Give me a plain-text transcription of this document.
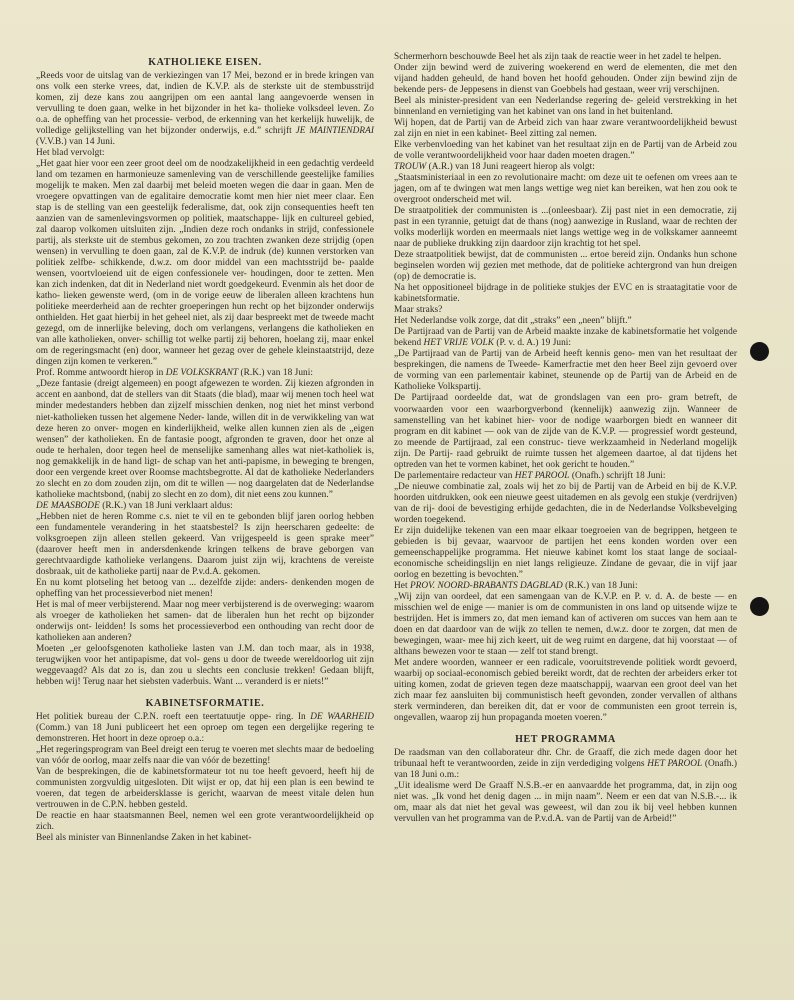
KATHOLIEKE EISEN.

„Reeds voor de uitslag van de verkiezingen van 17 Mei, bezond er in brede kringen van ons volk een sterke vrees, dat, indien de K.V.P. als de sterkste uit de stembusstrijd komen, zij deze kans zou aangrijpen om een aantal lang aangevoerde wensen in vervulling te doen gaan, welke in het bijzonder in het ka- tholieke volksdeel leven. Zo o.a. de opheffing van het processie- verbod, de erkenning van het kerkelijk huwelijk, de volledige gelijkstelling van het bijzonder onderwijs, e.d.” schrijft JE MAINTIENDRAI (V.V.B.) van 14 Juni.

Het blad vervolgt:

„Het gaat hier voor een zeer groot deel om de noodzakelijkheid in een gedachtig verdeeld land om tezamen en harmonieuze samenleving van de verschillende geestelijke families mogelijk te maken. Men zal daarbij met beleid moeten wegen die daar in gaan. Men de vroegere opvattingen van de egalitaire democratie komt men hier niet meer claar. Een stap is de stelling van een geestelijk federalisme, dat, ook zijn consequenties heeft ten aanzien van de samenlevingsvormen op politiek, maatschappe- lijk en cultureel gebied, zal daarop volkomen uitsluiten zijn. „Indien deze roch ondanks in strijd, confessionele partij, als sterkste uit de stembus gekomen, zo zou trachten zwanken deze strijdig (open wensen) in vervulling te doen gaan, zal de K.V.P. de indruk (de) kunnen verstorken van politiek zelfbe- schikkende, d.w.z. om door middel van een machtsstrijd be- paalde wensen, voortvloeiend uit de eigen confessionele ver- houdingen, door te zetten. Men kan zich indenken, dat dit in Nederland niet wordt goedgekeurd. Evenmin als het door de katho- lieken gewenste werd, (om in de vorige eeuw de liberalen alleen krachtens hun politieke meerderheid aan de rechter groeperingen hun recht op het bijzonder onderwijs onthielden. Het gaat hierbij in het geheel niet, als zij daar bespreekt met de tweede macht gezegd, om de innerlijke beleving, doch om verlangens, verlangens die katholieken en van alle katholieken, onver- schillig tot welke partij zij behoren, hoelang zij, maar enkel om de regeringsmacht (en) door, wanneer het gezag over de gehele kleinstaatstrijd, deze dingen zijn komen te verkeren.”

Prof. Romme antwoordt hierop in DE VOLKSKRANT (R.K.) van 18 Juni:

„Deze fantasie (dreigt algemeen) en poogt afgewezen te worden. Zij kiezen afgronden in accent en aanbond, dat de stellers van dit Staats (die blad), maar wij menen toch heel wat minder medestanders hebben dan zijzelf misschien denken, nog niet het minst verbond niet-katholieken tussen het algemene Neder- lande, willen dit in de verwikkeling van wat deze heren zo onver- mogen en kinderlijkheid, welke allen kunnen zien als de „eigen wensen” der katholieken. En de fantasie poogt, afgronden te graven, door het onze al oude te herhalen, door tegen heel de menselijke samenhang alles wat niet-katholiek is, nog gemakkelijk in de hand ligt- de schap van het anti-papisme, in beweging te brengen, door een vergende kreet over Roomse machtsbegrotte. Al dat de katholieke Nederlanders zo slecht en zo dom zouden zijn, om dit te willen — nog daargelaten dat de Nederlandse katholieke machtsbond, (nabij zo slecht en zo dom), dit niet eens zou kunnen.”

DE MAASBODE (R.K.) van 18 Juni verklaart aldus:

„Hebben niet de heren Romme c.s. niet te vil en te gebonden blijf jaren oorlog hebben een fundamentele verandering in het staatsbestel? Is zijn heerscharen gedeelte: de volksgroepen zijn alleen stellen gekeerd. Van vrijgespeeld is geen sprake meer” (daarover heeft men in andersdenkende kringen telkens de brave geborgen van gerechtvaardigde katholieke verlangens. Daarom juist zijn wij, krachtens de vereiste dosbraak, uit de katholieke partij naar de P.v.d.A. gekomen.

En nu komt plotseling het betoog van ... dezelfde zijde: anders- denkenden mogen de opheffing van het processieverbod niet menen!

Het is mal of meer verbijsterend. Maar nog meer verbijsterend is de overweging: waarom als vroeger de katholieken het samen- dat de liberalen hun het recht op bijzonder onderwijs ont- leidden! Is soms het processieverbod een onthouding van recht door de katholieken aan anderen?

Moeten „er geloofsgenoten katholieke lasten van J.M. dan toch maar, als in 1938, terugwijken voor het antipapisme, dat vol- gens u door de tweede wereldoorlog uit zijn weggevaagd? Als dat zo is, dan zou u slechts een conclusie trekken! Gedaan blijft, hebben wij! Terug naar het siebsten vaderbuis. Want ... veranderd is er niets!”

KABINETSFORMATIE.

Het politiek bureau der C.P.N. roeft een teertatuutje oppe- ring. In DE WAARHEID (Comm.) van 18 Juni publiceert het een oproep om tegen een dergelijke regering te demonstreren. Het hoort in deze oproep o.a.:

„Het regeringsprogram van Beel dreigt een terug te voeren met slechts maar de bedoeling van vóór de oorlog, maar zelfs naar die van vóór de bezetting!

Van de besprekingen, die de kabinetsformateur tot nu toe heeft gevoerd, heeft hij de communisten zorgvuldig uitgesloten. Dit wijst er op, dat hij een plan is een bewind te voeren, dat tegen de arbeidersklasse is gericht, waarvan de meest vitale delen hun vertrouwen in de C.P.N. hebben gesteld.

De reactie en haar staatsmannen Beel, nemen wel een grote verantwoordelijkheid op zich.

Beel als minister van Binnenlandse Zaken in het kabinet-

Schermerhorn beschouwde Beel het als zijn taak de reactie weer in het zadel te helpen.

Onder zijn bewind werd de zuivering woekerend en werd de elementen, die met den vijand hadden geheuld, de hand boven het hoofd gehouden. Onder zijn bewind zijn de bekende pers- de Jeppesens in dienst van Goebbels had gestaan, weer vrij verschijnen.

Beel als minister-president van een Nederlandse regering de- geleid verstrekking in het binnenland en vernietiging van het kabinet van ons land in het buitenland.

Wij hopen, dat de Partij van de Arbeid zich van haar zware verantwoordelijkheid bewust zal zijn en niet in een kabinet- Beel zitting zal nemen.

Elke verbenvloeding van het kabinet van het resultaat zijn en de Partij van de Arbeid zou de volle verantwoordelijkheid voor haar daden moeten dragen.”

TROUW (A.R.) van 18 Juni reageert hierop als volgt:

„Staatsministeriaal in een zo revolutionaire macht: om deze uit te oefenen om vrees aan te jagen, om af te dwingen wat men langs wettige weg niet kan bereiken, wat hen zou ook te overgroot onderscheid met wil.

De straatpolitiek der communisten is ...(onleesbaar). Zij past niet in een democratie, zij past in een tyrannie, getuigt dat de thans (nog) aanwezige in Rusland, waar de rechten der volks moderlijk worden en meermaals niet langs wettige weg in de volkskamer aanneemt naar de publieke drukking zijn daardoor zijn krachtig tot het spel.

Deze straatpolitiek bewijst, dat de communisten ... ertoe bereid zijn. Ondanks hun schone beginselen worden wij gezien met methode, dat de politieke achtergrond van hun dreigen (op) de democratie is.

Na het oppositioneel bijdrage in de politieke stukjes der EVC en is straatagitatie voor de kabinetsformatie.

Maar straks?

Het Nederlandse volk zorge, dat dit „straks” een „neen” blijft.”

De Partijraad van de Partij van de Arbeid maakte inzake de kabinetsformatie het volgende bekend HET VRIJE VOLK (P. v. d. A.) 19 Juni:

„De Partijraad van de Partij van de Arbeid heeft kennis geno- men van het resultaat der besprekingen, die namens de Tweede- Kamerfractie met den heer Beel zijn gevoerd over de vorming van een parlementair kabinet, steunende op de Partij van de Arbeid en de Katholieke Volkspartij.

De Partijraad oordeelde dat, wat de grondslagen van een pro- gram betreft, de voorwaarden voor een waarborgverbond (kennelijk) aanwezig zijn. Wanneer de samenstelling van het kabinet hier- voor de nodige waarborgen biedt en wanneer dit program en dit kabinet — ook van de zijde van de K.V.P. — progressief wordt gesteund, zo meende de Partijraad, zal een construc- tieve werkzaamheid in Nederland mogelijk zijn. De Partij- raad gebruikt de ruimte tussen het algemeen daartoe, al dat tijdens het optreden van het te vormen kabinet, het ook gericht te houden.”

De parlementaire redacteur van HET PAROOL (Onafh.) schrijft 18 Juni:

„De nieuwe combinatie zal, zoals wij het zo bij de Partij van de Arbeid en bij de K.V.P. hoorden uitdrukken, ook een nieuwe geest uitademen en als gevolg een stukje (verdrijven) van de rij- dooi de bevestiging erhijde gedachten, die in de Nederlandse Volksbevelging worden toegekend.

Er zijn duidelijke tekenen van een maar elkaar toegroeien van de begrippen, hetgeen te gebieden is bij gevaar, waarvoor de partijen het eens konden worden over een gemeenschappelijke programma. Het nieuwe kabinet komt los staat lange de sociaal- economische scheidingslijn en niet langs religieuze. Zindane de gevaar, die in vijf jaar oorlog en bezetting is bevochten.”

Het PROV. NOORD-BRABANTS DAGBLAD (R.K.) van 18 Juni:

„Wij zijn van oordeel, dat een samengaan van de K.V.P. en P. v. d. A. de beste — en misschien wel de enige — manier is om de communisten in ons land op uitsende wijze te bestrijden. Het is immers zo, dat men iemand kan of activeren om succes van hem aan te doen en dat daardoor van de wijk zo tellen te nemen, d.w.z. door te zorgen, dat men de bewegingen, waar- mee hij zich keert, uit de weg ruimt en dargene, dat hij voorstaat — of althans bewezen voor te staan — zelf tot stand brengt.

Met andere woorden, wanneer er een radicale, vooruitstrevende politiek wordt gevoerd, waarbij op sociaal-economisch gebied bereikt wordt, dat de rechten der arbeiders erker tot uiting komen, zodat de grieven tegen deze maatschappij, waarvan een groot deel van het zich maar fez aansluiten bij communistisch heeft gevonden, zonder vervallen of althans sterk verminderen, dan bereiken dit, dat er voor de communisten een groot terrein is, ongevallen, waarop zij hun propaganda moeten voeren.”

HET PROGRAMMA

De raadsman van den collaborateur dhr. Chr. de Graaff, die zich mede dagen door het tribunaal heft te verantwoorden, zeide in zijn verdediging volgens HET PAROOL (Onafh.) van 18 Juni o.m.:

„Uit idealisme werd De Graaff N.S.B.-er en aanvaardde het programma, dat, in zijn oog niet was. „Ik vond het denig dagen ... in mijn naam”. Neem er een dat van N.S.B.-... ik om, maar als dat niet het geval was geweest, wil dan zou ik bij veel hebben kunnen vervullen van het programma van de P.v.d.A. van de Partij van de Arbeid!”
